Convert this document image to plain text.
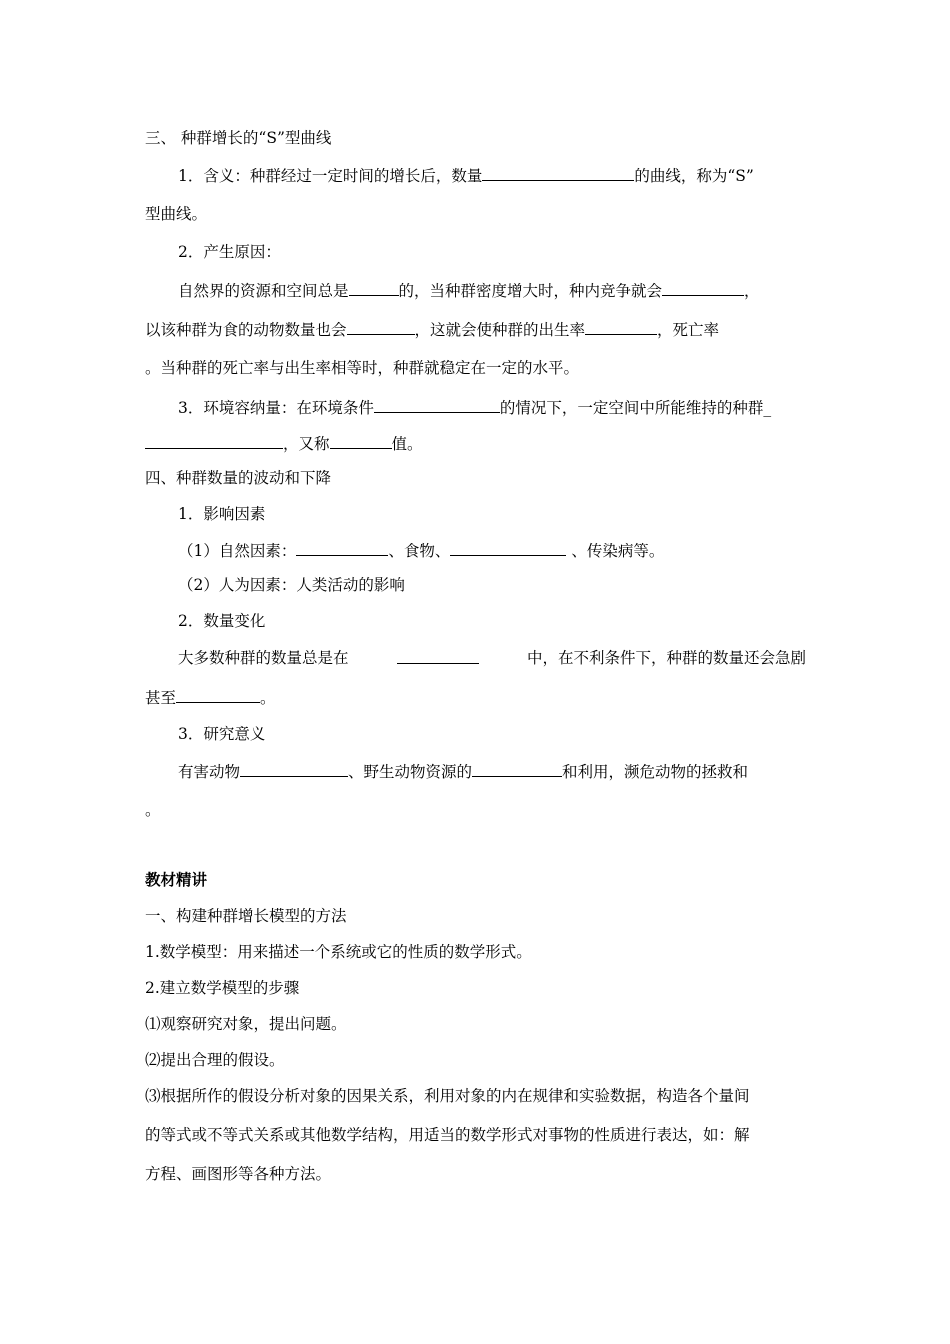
三、 种群增长的“S”型曲线
1．含义：种群经过一定时间的增长后，数量	的曲线，称为“S”
型曲线。
2．产生原因：
自然界的资源和空间总是	的，当种群密度增大时，种内竞争就会	，
以该种群为食的动物数量也会	，这就会使种群的出生率	，死亡率
。当种群的死亡率与出生率相等时，种群就稳定在一定的水平。
3．环境容纳量：在环境条件	的情况下，一定空间中所能维持的种群_
，又称	值。
四、种群数量的波动和下降
1．影响因素
（1）自然因素：	、食物、	、传染病等。
（2）人为因素：人类活动的影响
2．数量变化
大多数种群的数量总是在	中，在不利条件下，种群的数量还会急剧
甚至	。
3．研究意义
有害动物	、野生动物资源的	和利用，濒危动物的拯救和
。
教材精讲
一、构建种群增长模型的方法
1.数学模型：用来描述一个系统或它的性质的数学形式。
2.建立数学模型的步骤
⑴观察研究对象，提出问题。
⑵提出合理的假设。
⑶根据所作的假设分析对象的因果关系，利用对象的内在规律和实验数据，构造各个量间
的等式或不等式关系或其他数学结构，用适当的数学形式对事物的性质进行表达，如：解
方程、画图形等各种方法。
